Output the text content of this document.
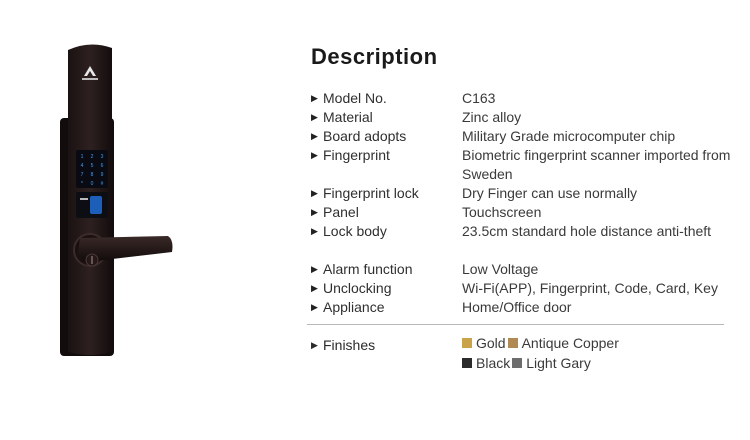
1 2 3
4 5 6
7 8 9
* 0 #
Description
▶ Model No.	C163
▶ Material	Zinc alloy
▶ Board adopts	Military Grade microcomputer chip
▶ Fingerprint	Biometric fingerprint scanner imported from Sweden
▶ Fingerprint lock	Dry Finger can use normally
▶ Panel	Touchscreen
▶ Lock body	23.5cm standard hole distance anti-theft
▶ Alarm function	Low Voltage
▶ Unclocking	Wi-Fi(APP), Fingerprint, Code, Card, Key
▶ Appliance	Home/Office door
▶ Finishes	Gold Antique Copper
Black Light Gary
